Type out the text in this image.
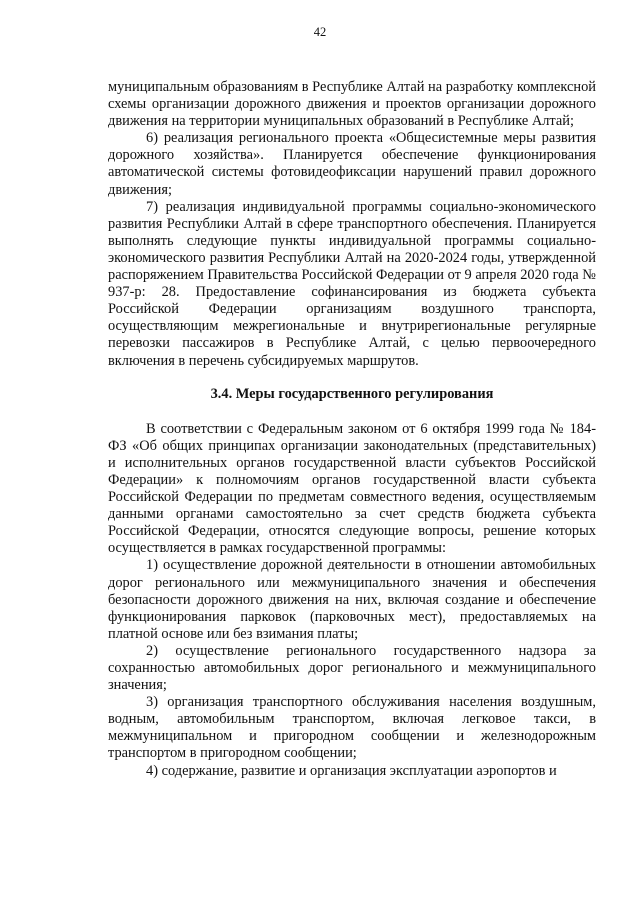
42

муниципальным образованиям в Республике Алтай на разработку комплексной схемы организации дорожного движения и проектов организации дорожного движения на территории муниципальных образований в Республике Алтай;

6) реализация регионального проекта «Общесистемные меры развития дорожного хозяйства». Планируется обеспечение функционирования автоматической системы фотовидеофиксации нарушений правил дорожного движения;

7) реализация индивидуальной программы социально-экономического развития Республики Алтай в сфере транспортного обеспечения. Планируется выполнять следующие пункты индивидуальной программы социально-экономического развития Республики Алтай на 2020-2024 годы, утвержденной распоряжением Правительства Российской Федерации от 9 апреля 2020 года № 937-р: 28. Предоставление софинансирования из бюджета субъекта Российской Федерации организациям воздушного транспорта, осуществляющим межрегиональные и внутрирегиональные регулярные перевозки пассажиров в Республике Алтай, с целью первоочередного включения в перечень субсидируемых маршрутов.

3.4. Меры государственного регулирования

В соответствии с Федеральным законом от 6 октября 1999 года № 184-ФЗ «Об общих принципах организации законодательных (представительных) и исполнительных органов государственной власти субъектов Российской Федерации» к полномочиям органов государственной власти субъекта Российской Федерации по предметам совместного ведения, осуществляемым данными органами самостоятельно за счет средств бюджета субъекта Российской Федерации, относятся следующие вопросы, решение которых осуществляется в рамках государственной программы:

1) осуществление дорожной деятельности в отношении автомобильных дорог регионального или межмуниципального значения и обеспечения безопасности дорожного движения на них, включая создание и обеспечение функционирования парковок (парковочных мест), предоставляемых на платной основе или без взимания платы;

2) осуществление регионального государственного надзора за сохранностью автомобильных дорог регионального и межмуниципального значения;

3) организация транспортного обслуживания населения воздушным, водным, автомобильным транспортом, включая легковое такси, в межмуниципальном и пригородном сообщении и железнодорожным транспортом в пригородном сообщении;

4) содержание, развитие и организация эксплуатации аэропортов и
